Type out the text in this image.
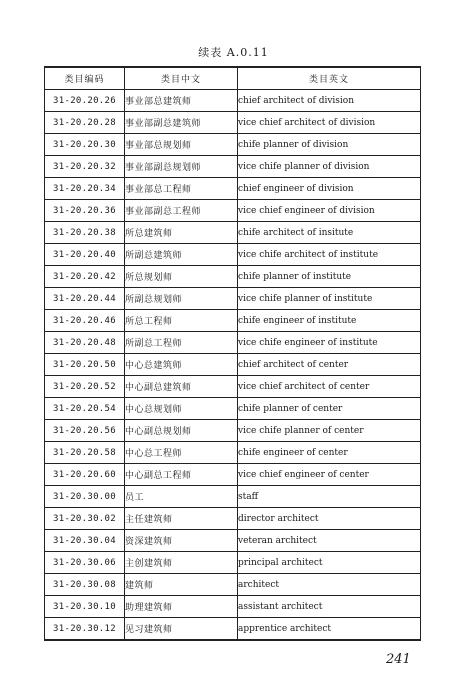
续表 A.0.11
类目编码	类目中文	类目英文
31-20.20.26	事业部总建筑师	chief architect of division
31-20.20.28	事业部副总建筑师	vice chief architect of division
31-20.20.30	事业部总规划师	chife planner of division
31-20.20.32	事业部副总规划师	vice chife planner of division
31-20.20.34	事业部总工程师	chief engineer of division
31-20.20.36	事业部副总工程师	vice chief engineer of division
31-20.20.38	所总建筑师	chife architect of insitute
31-20.20.40	所副总建筑师	vice chife architect of institute
31-20.20.42	所总规划师	chife planner of institute
31-20.20.44	所副总规划师	vice chife planner of institute
31-20.20.46	所总工程师	chife engineer of institute
31-20.20.48	所副总工程师	vice chife engineer of institute
31-20.20.50	中心总建筑师	chief architect of center
31-20.20.52	中心副总建筑师	vice chief architect of center
31-20.20.54	中心总规划师	chife planner of center
31-20.20.56	中心副总规划师	vice chife planner of center
31-20.20.58	中心总工程师	chife engineer of center
31-20.20.60	中心副总工程师	vice chief engineer of center
31-20.30.00	员工	staff
31-20.30.02	主任建筑师	director architect
31-20.30.04	资深建筑师	veteran architect
31-20.30.06	主创建筑师	principal architect
31-20.30.08	建筑师	architect
31-20.30.10	助理建筑师	assistant architect
31-20.30.12	见习建筑师	apprentice architect
241
